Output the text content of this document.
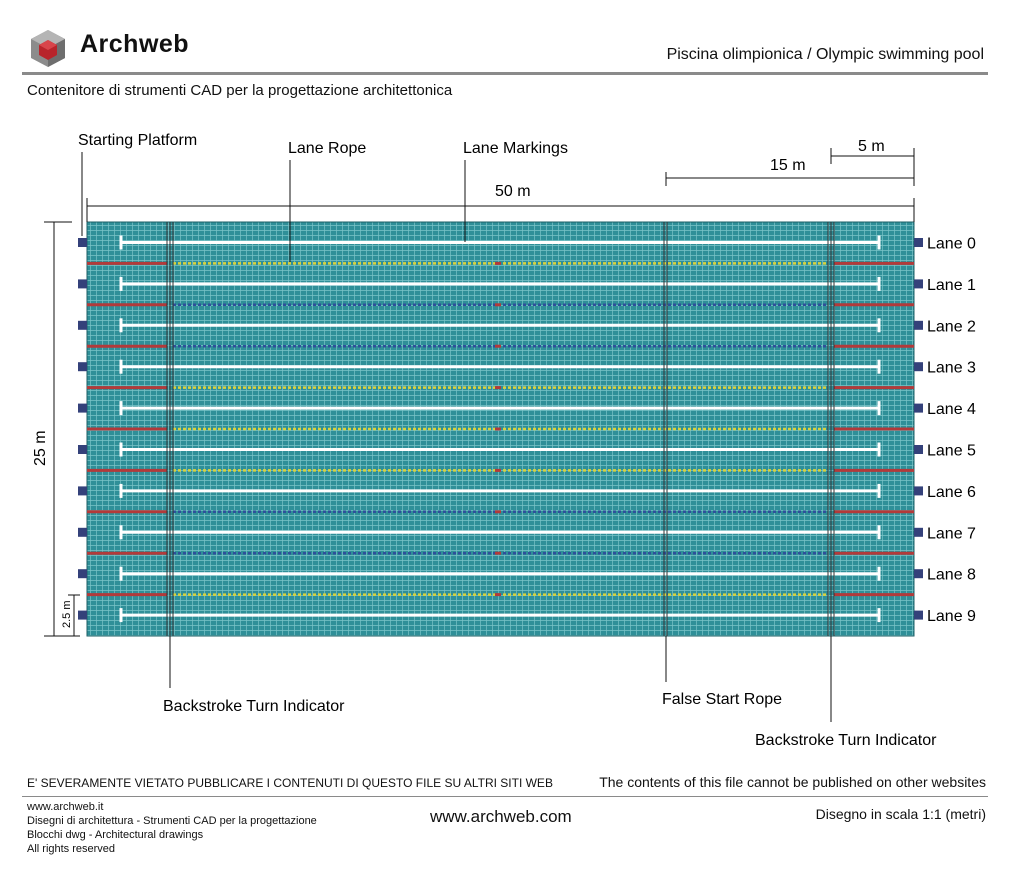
Archweb	Piscina olimpionica / Olympic swimming pool
Contenitore di strumenti CAD per la progettazione architettonica
50 m
15 m
5 m
25 m
2.5 m
Starting Platform	Lane Rope	Lane Markings
Backstroke Turn Indicator	False Start Rope
Backstroke Turn Indicator
Lane 0
Lane 1
Lane 2
Lane 3
Lane 4
Lane 5
Lane 6
Lane 7
Lane 8
Lane 9
E' SEVERAMENTE VIETATO PUBBLICARE I CONTENUTI DI QUESTO FILE SU ALTRI SITI WEB	The contents of this file cannot be published on other websites
www.archweb.it
Disegni di architettura - Strumenti CAD per la progettazione
Blocchi dwg - Architectural drawings
All rights reserved
www.archweb.com	Disegno in scala 1:1 (metri)
